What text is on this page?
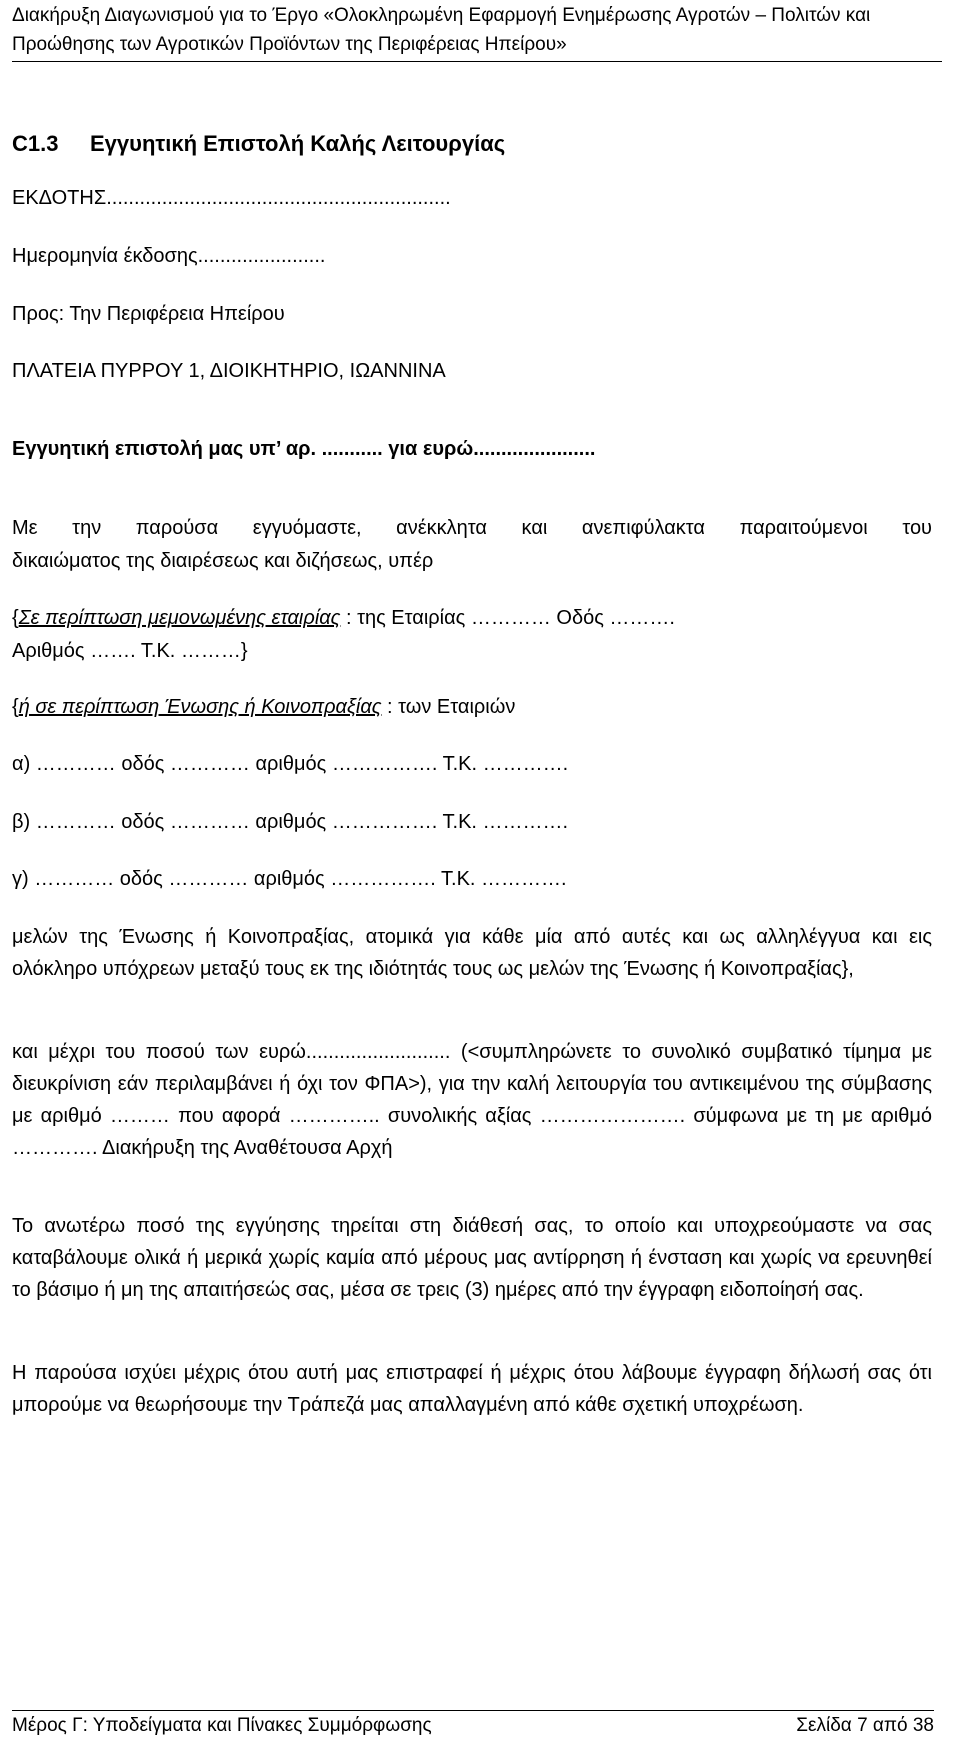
Διακήρυξη Διαγωνισμού για το Έργο «Ολοκληρωμένη Εφαρμογή Ενημέρωσης Αγροτών – Πολιτών και
Προώθησης των Αγροτικών Προϊόντων της Περιφέρειας Ηπείρου»
C1.3 Εγγυητική Επιστολή Καλής Λειτουργίας
ΕΚΔΟΤΗΣ..............................................................
Ημερομηνία έκδοσης.......................
Προς: Την Περιφέρεια Ηπείρου
ΠΛΑΤΕΙΑ ΠΥΡΡΟΥ 1, ΔΙΟΙΚΗΤΗΡΙΟ, ΙΩΑΝΝΙΝΑ
Εγγυητική επιστολή μας υπ’ αρ. ........... για ευρώ......................
Με την παρούσα εγγυόμαστε, ανέκκλητα και ανεπιφύλακτα παραιτούμενοι του
δικαιώματος της διαιρέσεως και διζήσεως, υπέρ
{Σε περίπτωση μεμονωμένης εταιρίας : της Εταιρίας ………… Οδός ……….
Αριθμός ……. Τ.Κ. ………}
{ή σε περίπτωση Ένωσης ή Κοινοπραξίας : των Εταιριών
α) ………… οδός ………… αριθμός ……………. Τ.Κ. ………….
β) ………… οδός ………… αριθμός ……………. Τ.Κ. ………….
γ) ………… οδός ………… αριθμός ……………. Τ.Κ. ………….
μελών της Ένωσης ή Κοινοπραξίας, ατομικά για κάθε μία από αυτές και ως αλληλέγγυα και εις ολόκληρο υπόχρεων μεταξύ τους εκ της ιδιότητάς τους ως μελών της Ένωσης ή Κοινοπραξίας},
και μέχρι του ποσού των ευρώ.......................... (<συμπληρώνετε το συνολικό συμβατικό τίμημα με διευκρίνιση εάν περιλαμβάνει ή όχι τον ΦΠΑ>), για την καλή λειτουργία του αντικειμένου της σύμβασης με αριθμό ……… που αφορά ………….. συνολικής αξίας …………………. σύμφωνα με τη με αριθμό …………. Διακήρυξη της Αναθέτουσα Αρχή
Το ανωτέρω ποσό της εγγύησης τηρείται στη διάθεσή σας, το οποίο και υποχρεούμαστε να σας καταβάλουμε ολικά ή μερικά χωρίς καμία από μέρους μας αντίρρηση ή ένσταση και χωρίς να ερευνηθεί το βάσιμο ή μη της απαιτήσεώς σας, μέσα σε τρεις (3) ημέρες από την έγγραφη ειδοποίησή σας.
Η παρούσα ισχύει μέχρις ότου αυτή μας επιστραφεί ή μέχρις ότου λάβουμε έγγραφη δήλωσή σας ότι μπορούμε να θεωρήσουμε την Τράπεζά μας απαλλαγμένη από κάθε σχετική υποχρέωση.
Μέρος Γ: Υποδείγματα και Πίνακες Συμμόρφωσης	Σελίδα 7 από 38
